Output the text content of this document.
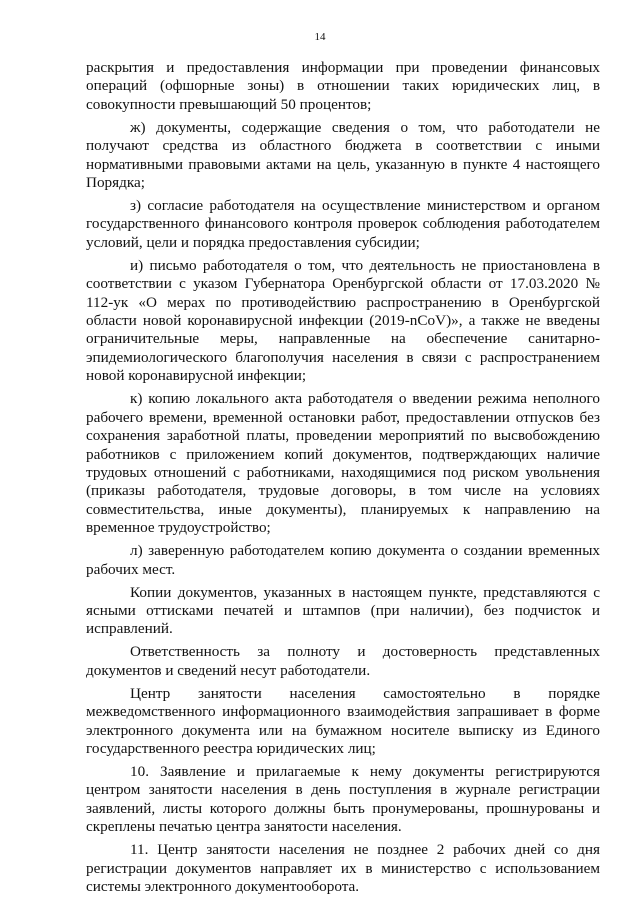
14

раскрытия и предоставления информации при проведении финансовых операций (офшорные зоны) в отношении таких юридических лиц, в совокупности превышающий 50 процентов;

ж) документы, содержащие сведения о том, что работодатели не получают средства из областного бюджета в соответствии с иными нормативными правовыми актами на цель, указанную в пункте 4 настоящего Порядка;

з) согласие работодателя на осуществление министерством и органом государственного финансового контроля проверок соблюдения работодателем условий, цели и порядка предоставления субсидии;

и) письмо работодателя о том, что деятельность не приостановлена в соответствии с указом Губернатора Оренбургской области от 17.03.2020 № 112-ук «О мерах по противодействию распространению в Оренбургской области новой коронавирусной инфекции (2019-nCoV)», а также не введены ограничительные меры, направленные на обеспечение санитарно-эпидемиологического благополучия населения в связи с распространением новой коронавирусной инфекции;

к) копию локального акта работодателя о введении режима неполного рабочего времени, временной остановки работ, предоставлении отпусков без сохранения заработной платы, проведении мероприятий по высвобождению работников с приложением копий документов, подтверждающих наличие трудовых отношений с работниками, находящимися под риском увольнения (приказы работодателя, трудовые договоры, в том числе на условиях совместительства, иные документы), планируемых к направлению на временное трудоустройство;

л) заверенную работодателем копию документа о создании временных рабочих мест.

Копии документов, указанных в настоящем пункте, представляются с ясными оттисками печатей и штампов (при наличии), без подчисток и исправлений.

Ответственность за полноту и достоверность представленных документов и сведений несут работодатели.

Центр занятости населения самостоятельно в порядке межведомственного информационного взаимодействия запрашивает в форме электронного документа или на бумажном носителе выписку из Единого государственного реестра юридических лиц;

10. Заявление и прилагаемые к нему документы регистрируются центром занятости населения в день поступления в журнале регистрации заявлений, листы которого должны быть пронумерованы, прошнурованы и скреплены печатью центра занятости населения.

11. Центр занятости населения не позднее 2 рабочих дней со дня регистрации документов направляет их в министерство с использованием системы электронного документооборота.
